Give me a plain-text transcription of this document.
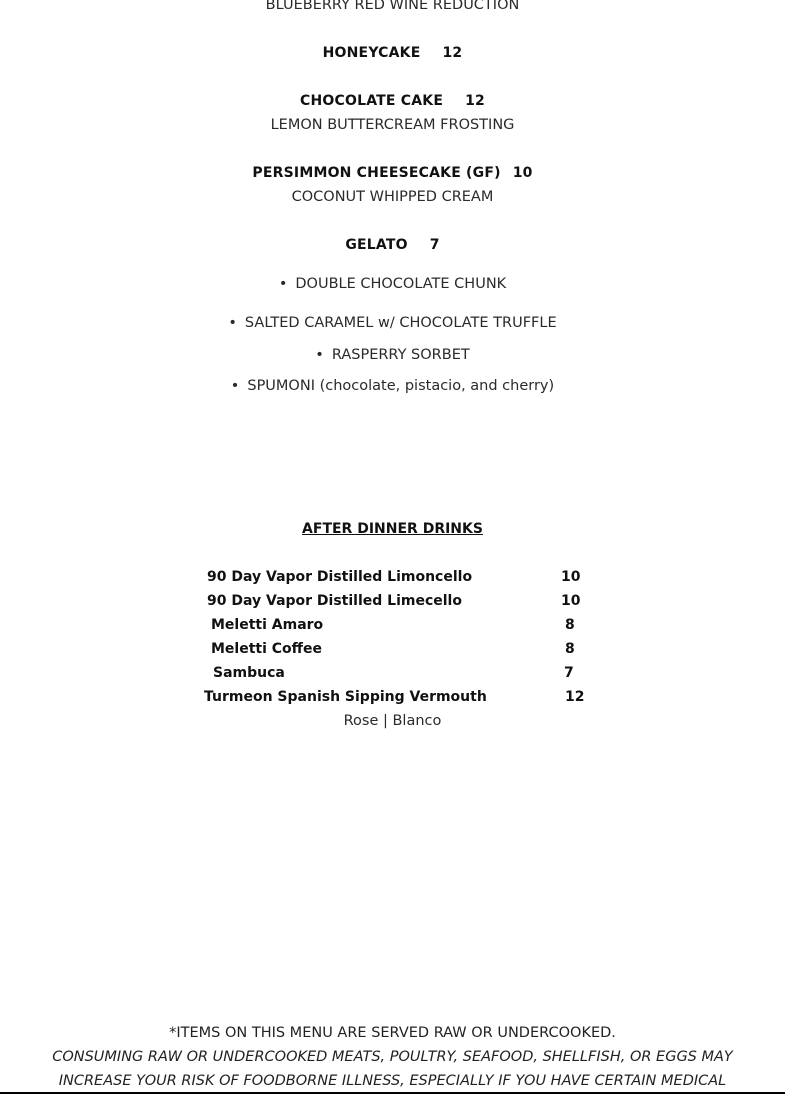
BLUEBERRY RED WINE REDUCTION
HONEYCAKE 12
CHOCOLATE CAKE 12
LEMON BUTTERCREAM FROSTING
PERSIMMON CHEESECAKE (GF) 10
COCONUT WHIPPED CREAM
GELATO 7
• DOUBLE CHOCOLATE CHUNK
• SALTED CARAMEL w/ CHOCOLATE TRUFFLE
• RASPERRY SORBET
• SPUMONI (chocolate, pistacio, and cherry)
AFTER DINNER DRINKS
90 Day Vapor Distilled Limoncello	10
90 Day Vapor Distilled Limecello	10
Meletti Amaro	8
Meletti Coffee	8
Sambuca	7
Turmeon Spanish Sipping Vermouth	12
Rose | Blanco
*ITEMS ON THIS MENU ARE SERVED RAW OR UNDERCOOKED.
CONSUMING RAW OR UNDERCOOKED MEATS, POULTRY, SEAFOOD, SHELLFISH, OR EGGS MAY
INCREASE YOUR RISK OF FOODBORNE ILLNESS, ESPECIALLY IF YOU HAVE CERTAIN MEDICAL
